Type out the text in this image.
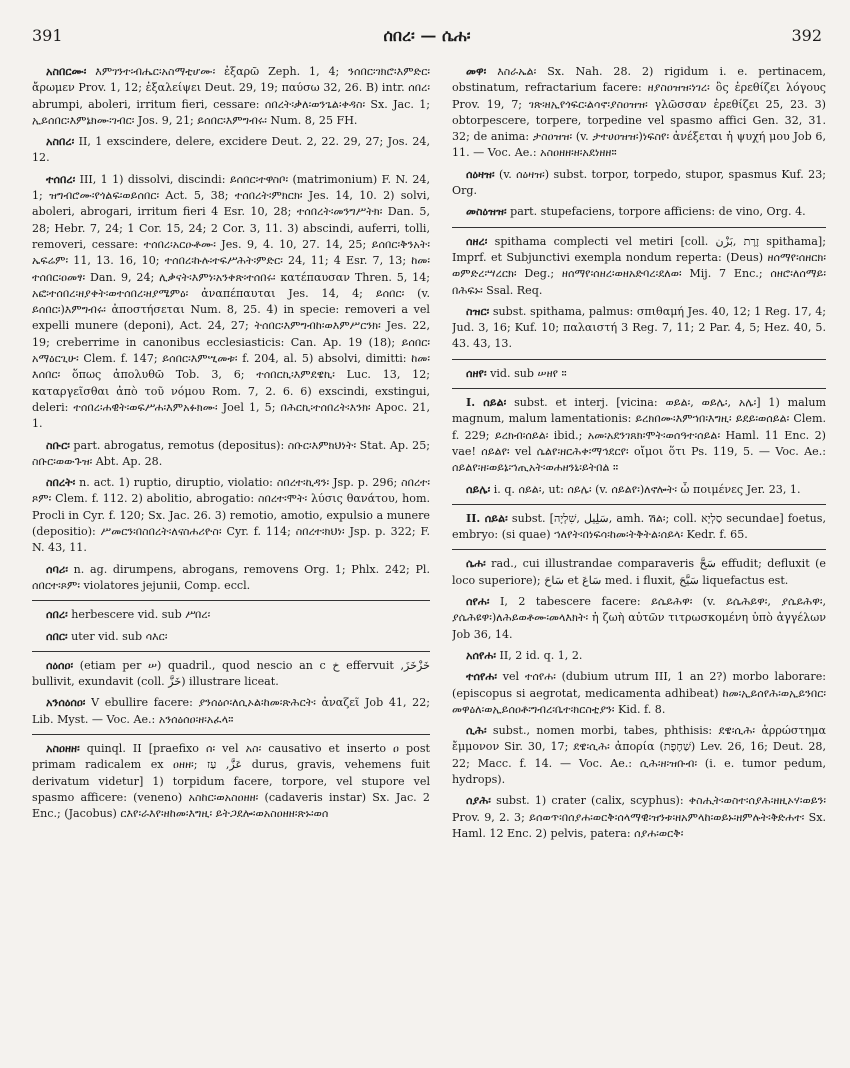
391	ሰበረ፡ — ሴሐ፡	392

አስበርሙ፡ እምገንተ፡ብሔር፡አስማቲሆሙ፡ ἐξαρῶ Zeph. 1, 4; ንሰበር፡ገክሮ፡እምድር፡ ἄρωμεν Prov. 1, 12; ἐξαλείψει Deut. 29, 19; παύσω 32, 26. B) intr. ሰበረ፡ abrumpi, aboleri, irritum fieri, cessare: ሰበረት፡ቃለ፡ወንጌል፡ቀዳስ፡ Sx. Jac. 1; ኢይሰበር፡እምኔክሙ፡ገብር፡ Jos. 9, 21; ይሰበር፡እምግብሩ፡ Num. 8, 25 FH.

አስበረ፡ II, 1 exscindere, delere, excidere Deut. 2, 22. 29, 27; Jos. 24, 12.

ተሰበረ፡ III, 1 1) dissolvi, discindi: ይሰበር፡ተዋስቦ፡ (matrimonium) F. N. 24, 1; ዝግብሮሙ፡የጎልፍ፡ወይሰበር፡ Act. 5, 38; ተሰበረት፡ምክርክ፡ Jes. 14, 10. 2) solvi, aboleri, abrogari, irritum fieri 4 Esr. 10, 28; ተሰበረት፡መንግሥትክ፡ Dan. 5, 28; Hebr. 7, 24; 1 Cor. 15, 24; 2 Cor. 3, 11. 3) abscindi, auferri, tolli, removeri, cessare: ተሰበረ፡አርዑቶሙ፡ Jes. 9, 4. 10, 27. 14, 25; ይሰበር፡ቅንአት፡ኤፍሬም፡ 11, 13. 16, 10; ተሰበረ፡ኩሉ፡ተፍሥሕት፡ምድር፡ 24, 11; 4 Esr. 7, 13; ከመ፡ተሰበር፡ዐመፃ፡ Dan. 9, 24; ሊቃናት፡እምነ፡አንቀጽ፡ተሰበሩ፡ κατέπαυσαν Thren. 5, 14; አፎ፡ተሰበረ፡ዘያቀት፡ወተሰበረ፡ዘያሜምዕ፡ ἀναπέπαυται Jes. 14, 4; ይሰበር፡ (v. ይሰበር፡)እምግብሩ፡ ἀποστήσεται Num. 8, 25. 4) in specie: removeri a vel expelli munere (deponi), Act. 24, 27; ትሰበር፡እምግብከ፡ወእምሥርንክ፡ Jes. 22, 19; creberrime in canonibus ecclesiasticis: Can. Ap. 19 (18); ይሰበር፡አማዕርጊሁ፡ Clem. f. 147; ይሰበር፡እምሢመቱ፡ f. 204, al. 5) absolvi, dimitti: ከመ፡እሰበር፡ ὅπως ἀπολυθῶ Tob. 3, 6; ተሰበርኪ፡እምደዌኪ፡ Luc. 13, 12; καταργεῖσθαι ἀπὸ τοῦ νόμου Rom. 7, 2. 6. 6) exscindi, exstingui, deleri: ተሰበረ፡ሐዊት፡ወፍሥሐ፡እምአፉክሙ፡ Joel 1, 5; በሕርኪ፡ተሰበረት፡እንክ፡ Apoc. 21, 1.

ስቡር፡ part. abrogatus, remotus (depositus): ስቡር፡እምክህነት፡ Stat. Ap. 25; ስቡር፡ወውጉዝ፡ Abt. Ap. 28.

ስበረት፡ n. act. 1) ruptio, diruptio, violatio: ስበረተ፡ኪዳን፡ Jsp. p. 296; ስበረተ፡ጾም፡ Clem. f. 112. 2) abolitio, abrogatio: ስበረተ፡ሞት፡ λύσις θανάτου, hom. Procli in Cyr. f. 120; Sx. Jac. 26. 3) remotio, amotio, expulsio a munere (depositio): ሥመርን፡በስበረት፡ለናስሐሪዮስ፡ Cyr. f. 114; ስበረተ፡ክህነ፡ Jsp. p. 322; F. N. 43, 11.

ሰባሪ፡ n. ag. dirumpens, abrogans, removens Org. 1; Phlx. 242; Pl. ሰበርተ፡ጾም፡ violatores jejunii, Comp. eccl.

ሰበረ፡ herbescere vid. sub ሥበረ፡

ሰበር፡ uter vid. sub ሳእር፡

ሰዕሰዐ፡ (etiam per ሠ) quadril., quod nescio an c خ effervuit ,خَزْخَزَ bullivit, exundavit (coll. خَزَّ) illustrare liceat.

አንሰዕሰዐ፡ V ebullire facere: ያንሰዕሶ፡ለሲኦል፡ከመ፡ጽሕርት፡ ἀναζεῖ Job 41, 22; Lib. Myst. — Voc. Ae.: አንሰዕሰዐ፡ዘ፡አፈላ።

አስዐዘዘ፡ quinql. II [praefixo ሰ፡ vel አስ፡ causativo et inserto ዐ post primam radicalem ex ዐዘዘ፡; عَزَّ, עַז durus, gravis, vehemens fuit derivatum videtur] 1) torpidum facere, torpore, vel stupore vel spasmo afficere: (veneno) አስከር፡ወአስዐዘዘ፡ (cadaveris instar) Sx. Jac. 2 Enc.; (Jacobus) ርእየ፡ራእየ፡ዘከመ፡እግዚ፡ ይትጋደሎ፡ወአስዐዘዘ፡ጽኑ፡ወሰ

መዋ፡ እስራኤል፡ Sx. Nah. 28. 2) rigidum i. e. pertinacem, obstinatum, refractarium facere: ዘያስዐዝዝ፡ነገረ፡ ὃς ἐρεθίζει λόγους Prov. 19, 7; ገጽ፡ዘኢየጎፍር፡ልሳኖ፡ያስዐዝዝ፡ γλῶσσαν ἐρεθίζει 25, 23. 3) obtorpescere, torpere, torpedine vel spasmo affici Gen. 32, 31. 32; de anima: ታስዐዝዝ፡ (v. ታተሀዐዝዝ፡)ነፍስየ፡ ἀνέξεται ἡ ψυχή μου Job 6, 11. — Voc. Ae.: አስዐዘዘ፡ዘ፡አደነዘዘ።

ሰዕዛዝ፡ (v. ሰዕዛዝ፡) subst. torpor, torpedo, stupor, spasmus Kuf. 23; Org.

መስዕዝዝ፡ part. stupefaciens, torpore afficiens: de vino, Org. 4.

ሰዘረ፡ spithama complecti vel metiri [coll. זֶרֶת ,بَزْن spithama]; Imprf. et Subjunctivi exempla nondum reperta: (Deus) ዘሰማየ፡ሰዘርክ፡ወምድረ፡ሣረርክ፡ Deg.; ዘሰማየ፡ሰዘረ፡ወዘአድባረ፡ደለወ፡ Mij. 7 Enc.; ሰዘሮ፡ለሰማይ፡በሕፍኑ፡ Ssal. Req.

ስዝር፡ subst. spithama, palmus: σπιθαμή Jes. 40, 12; 1 Reg. 17, 4; Jud. 3, 16; Kuf. 10; παλαιστή 3 Reg. 7, 11; 2 Par. 4, 5; Hez. 40, 5. 43. 43, 13.

ሰዘየ፡ vid. sub ሠዘየ ።

I. ሰይል፡ subst. et interj. [vicina: ወይል፡, ወይሌ፡, አሌ፡] 1) malum magnum, malum lamentationis: ይረክበሙ፡እምኀበ፡እግዚ፡ ይደይ፡ወሰይል፡ Clem. f. 229; ይረክብ፡ሰይል፡ ibid.; አመ፡አደንገጸክ፡ሞት፡ወሰዓተ፡ሰይል፡ Haml. 11 Enc. 2) vae! ሰይልየ፡ vel ሴልየ፡ዘርሕቀ፡ማኅደርየ፡ οἴμοι ὅτι Ps. 119, 5. — Voc. Ae.: ሰይልየ፡ዘ፡ወይኔ፡ኀጢአት፡ወሐዘንኒ፡ይትበል ።

ሰይሌ፡ i. q. ሰይል፡, ut: ሰይሌ፡ (v. ሰይልየ፡)ለኖሎት፡ ὦ ποιμένες Jer. 23, 1.

II. ሰይል፡ subst. [سَلِيل ,שִׁלְיָה, amh. ሽል፡; coll. סַלְיָא secundae] foetus, embryo: (si quae) ኀለየት፡በነፍሳ፡ከመ፡ትቅትል፡ሰይላ፡ Kedr. f. 65.

ሴሐ፡ rad., cui illustrandae comparaveris سَحَّ effudit; defluxit (e loco superiore); سَاحَ et سَاعَ med. i fluxit, سَيَّحَ liquefactus est.

ሰየሐ፡ I, 2 tabescere facere: ይሴይሕዋ፡ (v. ይሴሕይዋ፡, ያሴይሕዋ፡, ያሴሕዩዋ፡)ለሕይወቶሙ፡መላእክት፡ ἡ ζωὴ αὐτῶν τιτρωσκομένη ὑπὸ ἀγγέλων Job 36, 14.

አሰየሐ፡ II, 2 id. q. 1, 2.

ተሰየሐ፡ vel ተሰየሐ፡ (dubium utrum III, 1 an 2?) morbo laborare: (episcopus si aegrotat, medicamenta adhibeat) ከመ፡ኢይሰየሕ፡ወኢይንበር፡መዋዕለ፡ወኢይሰዐቶ፡ግብረ፡ቤተ፡ክርስቲያን፡ Kid. f. 8.

ሲሕ፡ subst., nomen morbi, tabes, phthisis: ደዌ፡ሲሕ፡ ἀρρώστημα ἔμμονον Sir. 30, 17; ደዌ፡ሲሕ፡ ἀπορία (שַׁחֶפֶת) Lev. 26, 16; Deut. 28, 22; Macc. f. 14. — Voc. Ae.: ሲሕ፡ዘ፡ዝቡብ፡ (i. e. tumor pedum, hydrops).

ሰያሕ፡ subst. 1) crater (calix, scyphus): ቀስሒት፡ወስተ፡ሰያሕ፡ዘዚኦሃ፡ወይን፡ Prov. 9, 2. 3; ይሰወጥ፡በሰያሐ፡ወርቅ፡ሰላማዊ፡ዝንቱ፡ዘአምላከ፡ወይኑ፡ዘምሉት፡ቅድሐተ፡ Sx. Haml. 12 Enc. 2) pelvis, patera: ሰያሐ፡ወርቅ፡
